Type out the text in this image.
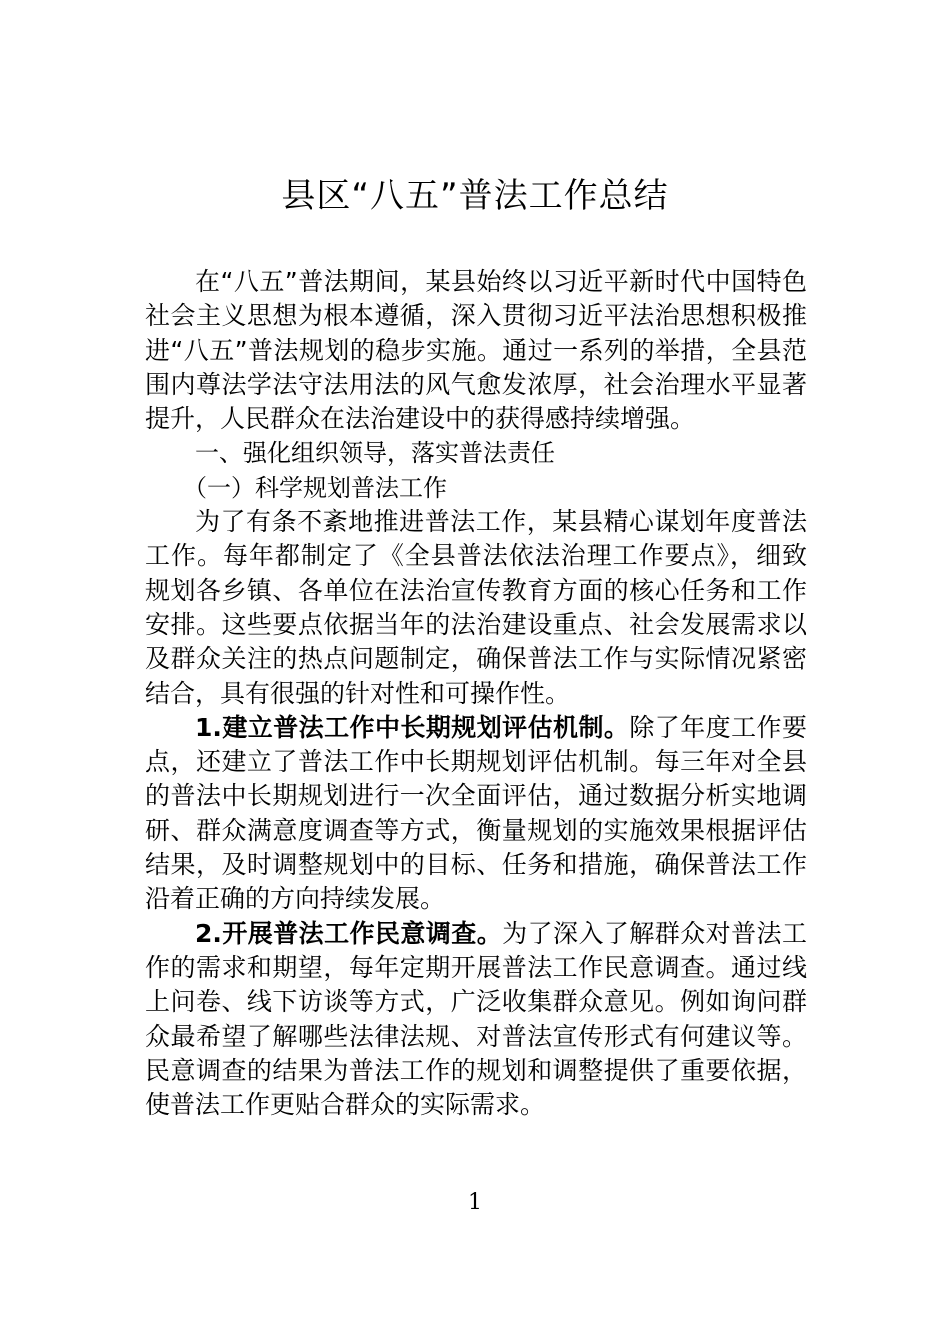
县区“八五”普法工作总结

在“八五”普法期间，某县始终以习近平新时代中国特色社会主义思想为根本遵循，深入贯彻习近平法治思想积极推进“八五”普法规划的稳步实施。通过一系列的举措，全县范围内尊法学法守法用法的风气愈发浓厚，社会治理水平显著提升，人民群众在法治建设中的获得感持续增强。

一、强化组织领导，落实普法责任

（一）科学规划普法工作

为了有条不紊地推进普法工作，某县精心谋划年度普法工作。每年都制定了《全县普法依法治理工作要点》，细致规划各乡镇、各单位在法治宣传教育方面的核心任务和工作安排。这些要点依据当年的法治建设重点、社会发展需求以及群众关注的热点问题制定，确保普法工作与实际情况紧密结合，具有很强的针对性和可操作性。

1.建立普法工作中长期规划评估机制。除了年度工作要点，还建立了普法工作中长期规划评估机制。每三年对全县的普法中长期规划进行一次全面评估，通过数据分析实地调研、群众满意度调查等方式，衡量规划的实施效果根据评估结果，及时调整规划中的目标、任务和措施，确保普法工作沿着正确的方向持续发展。

2.开展普法工作民意调查。为了深入了解群众对普法工作的需求和期望，每年定期开展普法工作民意调查。通过线上问卷、线下访谈等方式，广泛收集群众意见。例如询问群众最希望了解哪些法律法规、对普法宣传形式有何建议等。民意调查的结果为普法工作的规划和调整提供了重要依据，使普法工作更贴合群众的实际需求。

1
